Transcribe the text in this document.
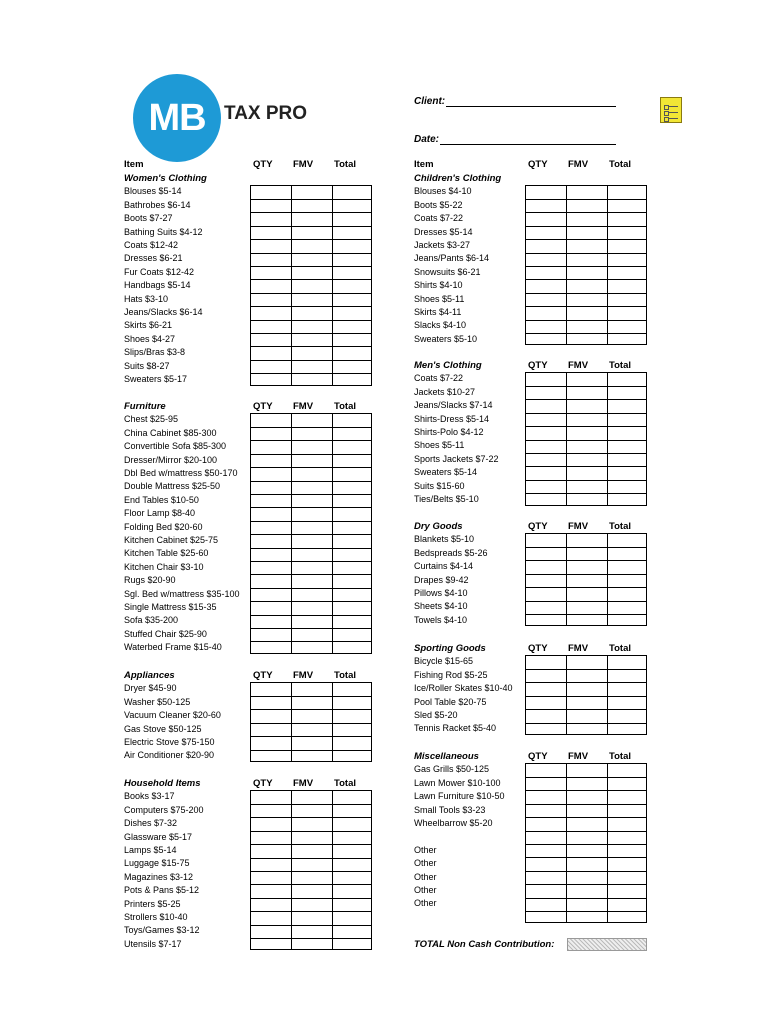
MB TAX PRO
Client:
Date:
Item	QTY FMV Total
Women's Clothing
Blouses $5-14
Bathrobes $6-14
Boots $7-27
Bathing Suits $4-12
Coats $12-42
Dresses $6-21
Fur Coats $12-42
Handbags $5-14
Hats $3-10
Jeans/Slacks $6-14
Skirts $6-21
Shoes $4-27
Slips/Bras $3-8
Suits $8-27
Sweaters $5-17
QTY FMV Total
Furniture
Chest $25-95
China Cabinet $85-300
Convertible Sofa $85-300
Dresser/Mirror $20-100
Dbl Bed w/mattress $50-170
Double Mattress $25-50
End Tables $10-50
Floor Lamp $8-40
Folding Bed $20-60
Kitchen Cabinet $25-75
Kitchen Table $25-60
Kitchen Chair $3-10
Rugs $20-90
Sgl. Bed w/mattress $35-100
Single Mattress $15-35
Sofa $35-200
Stuffed Chair $25-90
Waterbed Frame $15-40
QTY FMV Total
Appliances
Dryer $45-90
Washer $50-125
Vacuum Cleaner $20-60
Gas Stove $50-125
Electric Stove $75-150
Air Conditioner $20-90
QTY FMV Total
Household Items
Books $3-17
Computers $75-200
Dishes $7-32
Glassware $5-17
Lamps $5-14
Luggage $15-75
Magazines $3-12
Pots & Pans $5-12
Printers $5-25
Strollers $10-40
Toys/Games $3-12
Utensils $7-17
Item	QTY FMV Total
Children's Clothing
Blouses $4-10
Boots $5-22
Coats $7-22
Dresses $5-14
Jackets $3-27
Jeans/Pants $6-14
Snowsuits $6-21
Shirts $4-10
Shoes $5-11
Skirts $4-11
Slacks $4-10
Sweaters $5-10
QTY FMV Total
Men's Clothing
Coats $7-22
Jackets $10-27
Jeans/Slacks $7-14
Shirts-Dress $5-14
Shirts-Polo $4-12
Shoes $5-11
Sports Jackets $7-22
Sweaters $5-14
Suits $15-60
Ties/Belts $5-10
QTY FMV Total
Dry Goods
Blankets $5-10
Bedspreads $5-26
Curtains $4-14
Drapes $9-42
Pillows $4-10
Sheets $4-10
Towels $4-10
QTY FMV Total
Sporting Goods
Bicycle $15-65
Fishing Rod $5-25
Ice/Roller Skates $10-40
Pool Table $20-75
Sled $5-20
Tennis Racket $5-40
QTY FMV Total
Miscellaneous
Gas Grills $50-125
Lawn Mower $10-100
Lawn Furniture $10-50
Small Tools $3-23
Wheelbarrow $5-20
Other
Other
Other
Other
Other
TOTAL Non Cash Contribution:
